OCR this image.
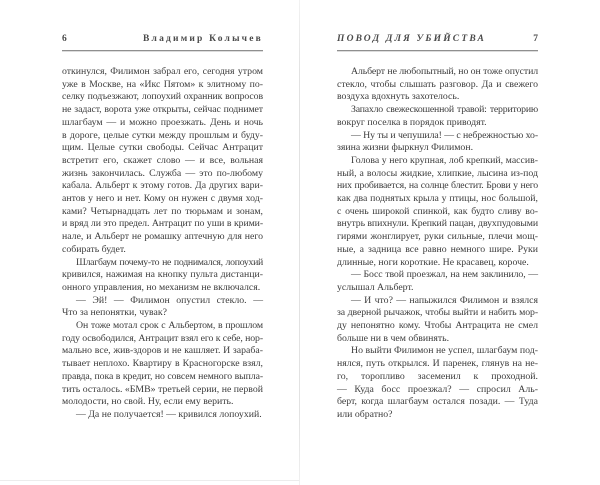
6	Владимир Колычев
откинулся, Филимон забрал его, сегодня утром
уже в Москве, на «Икс Пятом» к элитному по-
селку подъезжают, лопоухий охранник вопросов
не задаст, ворота уже открыты, сейчас поднимет
шлагбаум — и можно проезжать. День и ночь
в дороге, целые сутки между прошлым и буду-
щим. Целые сутки свободы. Сейчас Антрацит
встретит его, скажет слово — и все, вольная
жизнь закончилась. Служба — это по-любому
кабала. Альберт к этому готов. Да других вари-
антов у него и нет. Кому он нужен с двумя ход-
ками? Четырнадцать лет по тюрьмам и зонам,
и вряд ли это предел. Антрацит по уши в крими-
нале, и Альберт не ромашку аптечную для него
собирать будет.
Шлагбаум почему-то не поднимался, лопоухий
кривился, нажимая на кнопку пульта дистанци-
онного управления, но механизм не включался.
— Эй! — Филимон опустил стекло. —
Что за непонятки, чувак?
Он тоже мотал срок с Альбертом, в прошлом
году освободился, Антрацит взял его к себе, нор-
мально все, жив-здоров и не кашляет. И зараба-
тывает неплохо. Квартиру в Красногорске взял,
правда, пока в кредит, но совсем немного выпла-
тить осталось. «БМВ» третьей серии, не первой
молодости, но свой. Ну, если ему верить.
— Да не получается! — кривился лопоухий.
ПОВОД ДЛЯ УБИЙСТВА	7
Альберт не любопытный, но он тоже опустил
стекло, чтобы слышать разговор. Да и свежего
воздуха вдохнуть захотелось.
Запахло свежескошенной травой: территорию
вокруг поселка в порядок приводят.
— Ну ты и чепушила! — с небрежностью хо-
зяина жизни фыркнул Филимон.
Голова у него крупная, лоб крепкий, массив-
ный, а волосы жидкие, хлипкие, лысина из-под
них пробивается, на солнце блестит. Брови у него
как два поднятых крыла у птицы, нос большой,
с очень широкой спинкой, как будто сливу во-
внутрь впихнули. Крепкий пацан, двухпудовыми
гирями жонглирует, руки сильные, плечи мощ-
ные, а задница все равно немного шире. Руки
длинные, ноги короткие. Не красавец, короче.
— Босс твой проезжал, на нем заклинило, —
услышал Альберт.
— И что? — напыжился Филимон и взялся
за дверной рычажок, чтобы выйти и набить мор-
ду непонятно кому. Чтобы Антрацита не смел
больше ни в чем обвинять.
Но выйти Филимон не успел, шлагбаум под-
нялся, путь открылся. И паренек, глянув на не-
го, торопливо засеменил к проходной.
— Куда босс проезжал? — спросил Аль-
берт, когда шлагбаум остался позади. — Туда
или обратно?
